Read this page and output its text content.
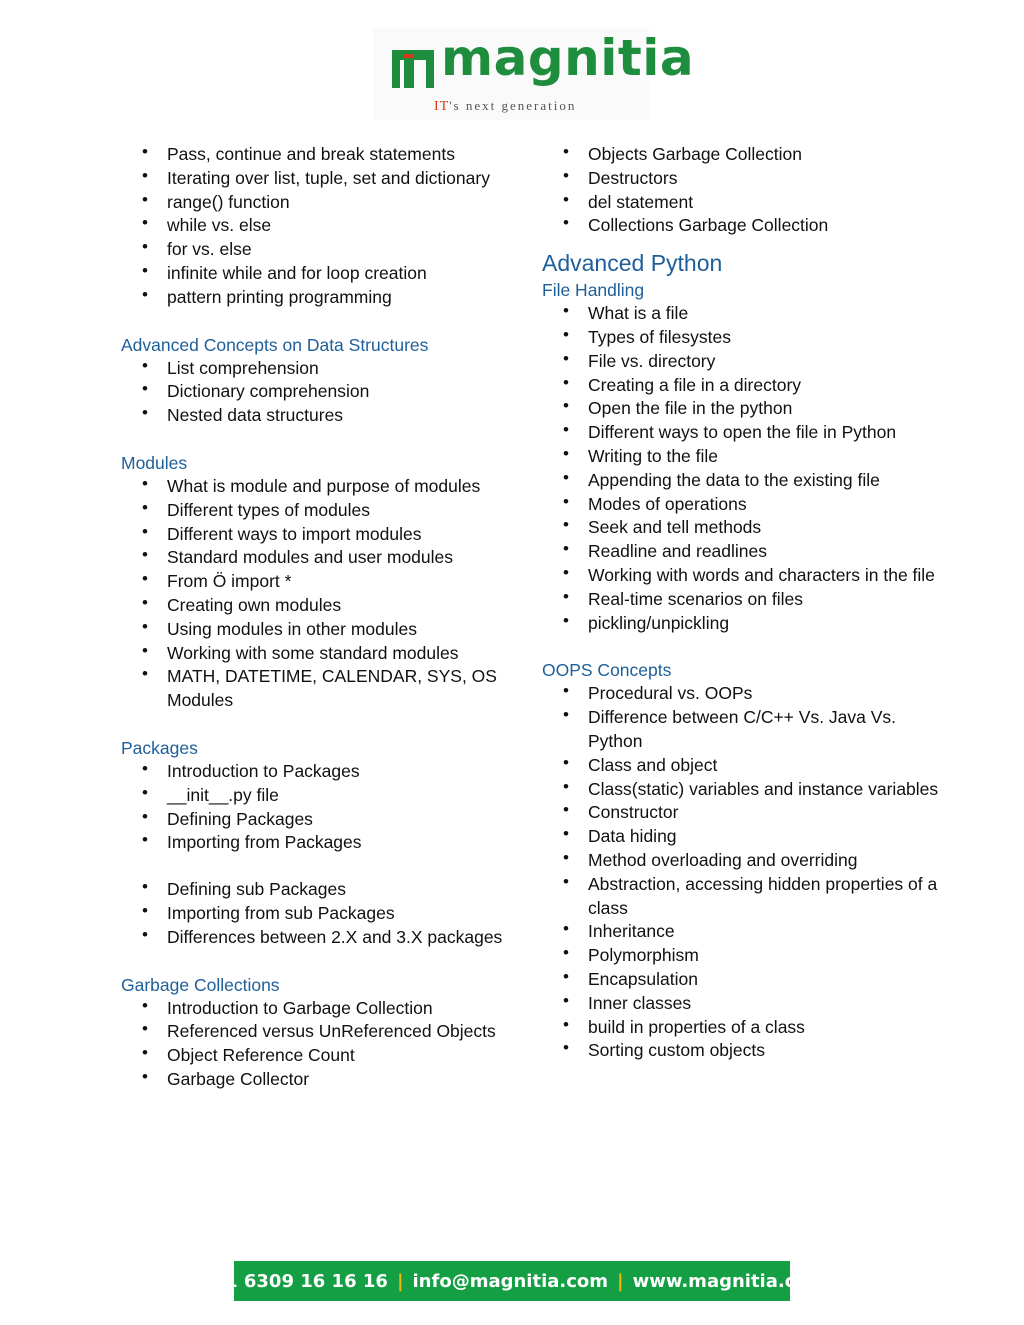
magnitia
IT's next generation
• Pass, continue and break statements
• Iterating over list, tuple, set and dictionary
• range() function
• while vs. else
• for vs. else
• infinite while and for loop creation
• pattern printing programming
Advanced Concepts on Data Structures
• List comprehension
• Dictionary comprehension
• Nested data structures
Modules
• What is module and purpose of modules
• Different types of modules
• Different ways to import modules
• Standard modules and user modules
• From Ö import *
• Creating own modules
• Using modules in other modules
• Working with some standard modules
• MATH, DATETIME, CALENDAR, SYS, OS Modules
Packages
• Introduction to Packages
• __init__.py file
• Defining Packages
• Importing from Packages
• Defining sub Packages
• Importing from sub Packages
• Differences between 2.X and 3.X packages
Garbage Collections
• Introduction to Garbage Collection
• Referenced versus UnReferenced Objects
• Object Reference Count
• Garbage Collector
• Objects Garbage Collection
• Destructors
• del statement
• Collections Garbage Collection
Advanced Python
File Handling
• What is a file
• Types of filesystes
• File vs. directory
• Creating a file in a directory
• Open the file in the python
• Different ways to open the file in Python
• Writing to the file
• Appending the data to the existing file
• Modes of operations
• Seek and tell methods
• Readline and readlines
• Working with words and characters in the file
• Real-time scenarios on files
• pickling/unpickling
OOPS Concepts
• Procedural vs. OOPs
• Difference between C/C++ Vs. Java Vs. Python
• Class and object
• Class(static) variables and instance variables
• Constructor
• Data hiding
• Method overloading and overriding
• Abstraction, accessing hidden properties of a class
• Inheritance
• Polymorphism
• Encapsulation
• Inner classes
• build in properties of a class
• Sorting custom objects
+91 6309 16 16 16 | info@magnitia.com | www.magnitia.com
